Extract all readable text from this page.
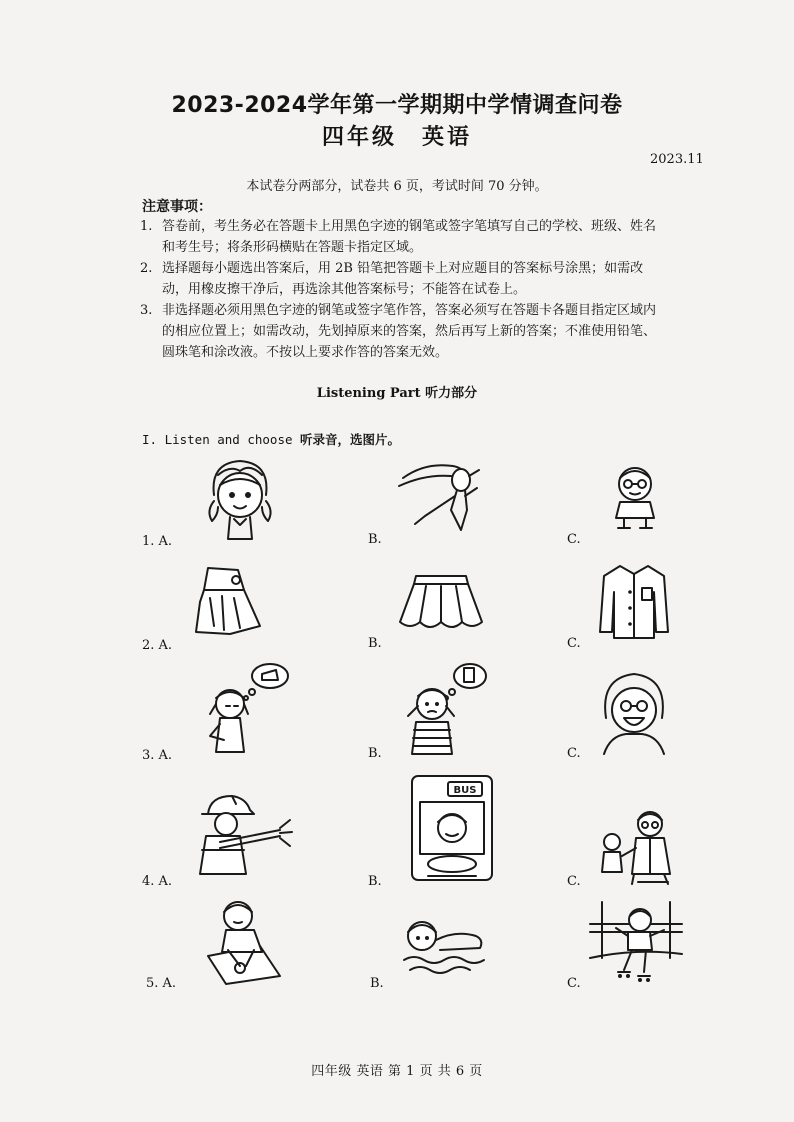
2023-2024学年第一学期期中学情调查问卷
四年级　英语
2023.11
本试卷分两部分，试卷共 6 页，考试时间 70 分钟。
注意事项：
1. 答卷前，考生务必在答题卡上用黑色字迹的钢笔或签字笔填写自己的学校、班级、姓名和考生号；将条形码横贴在答题卡指定区域。
2. 选择题每小题选出答案后，用 2B 铅笔把答题卡上对应题目的答案标号涂黑；如需改动，用橡皮擦干净后，再选涂其他答案标号；不能答在试卷上。
3. 非选择题必须用黑色字迹的钢笔或签字笔作答，答案必须写在答题卡各题目指定区域内的相应位置上；如需改动，先划掉原来的答案，然后再写上新的答案；不准使用铅笔、圆珠笔和涂改液。不按以上要求作答的答案无效。
Listening Part 听力部分
I. Listen and choose 听录音，选图片。
1. A.	B.	C.
2. A.	B.	C.
3. A.	B.	C.
4. A.	B.	C.
BUS
5. A.	B.	C.
四年级 英语 第 1 页 共 6 页
